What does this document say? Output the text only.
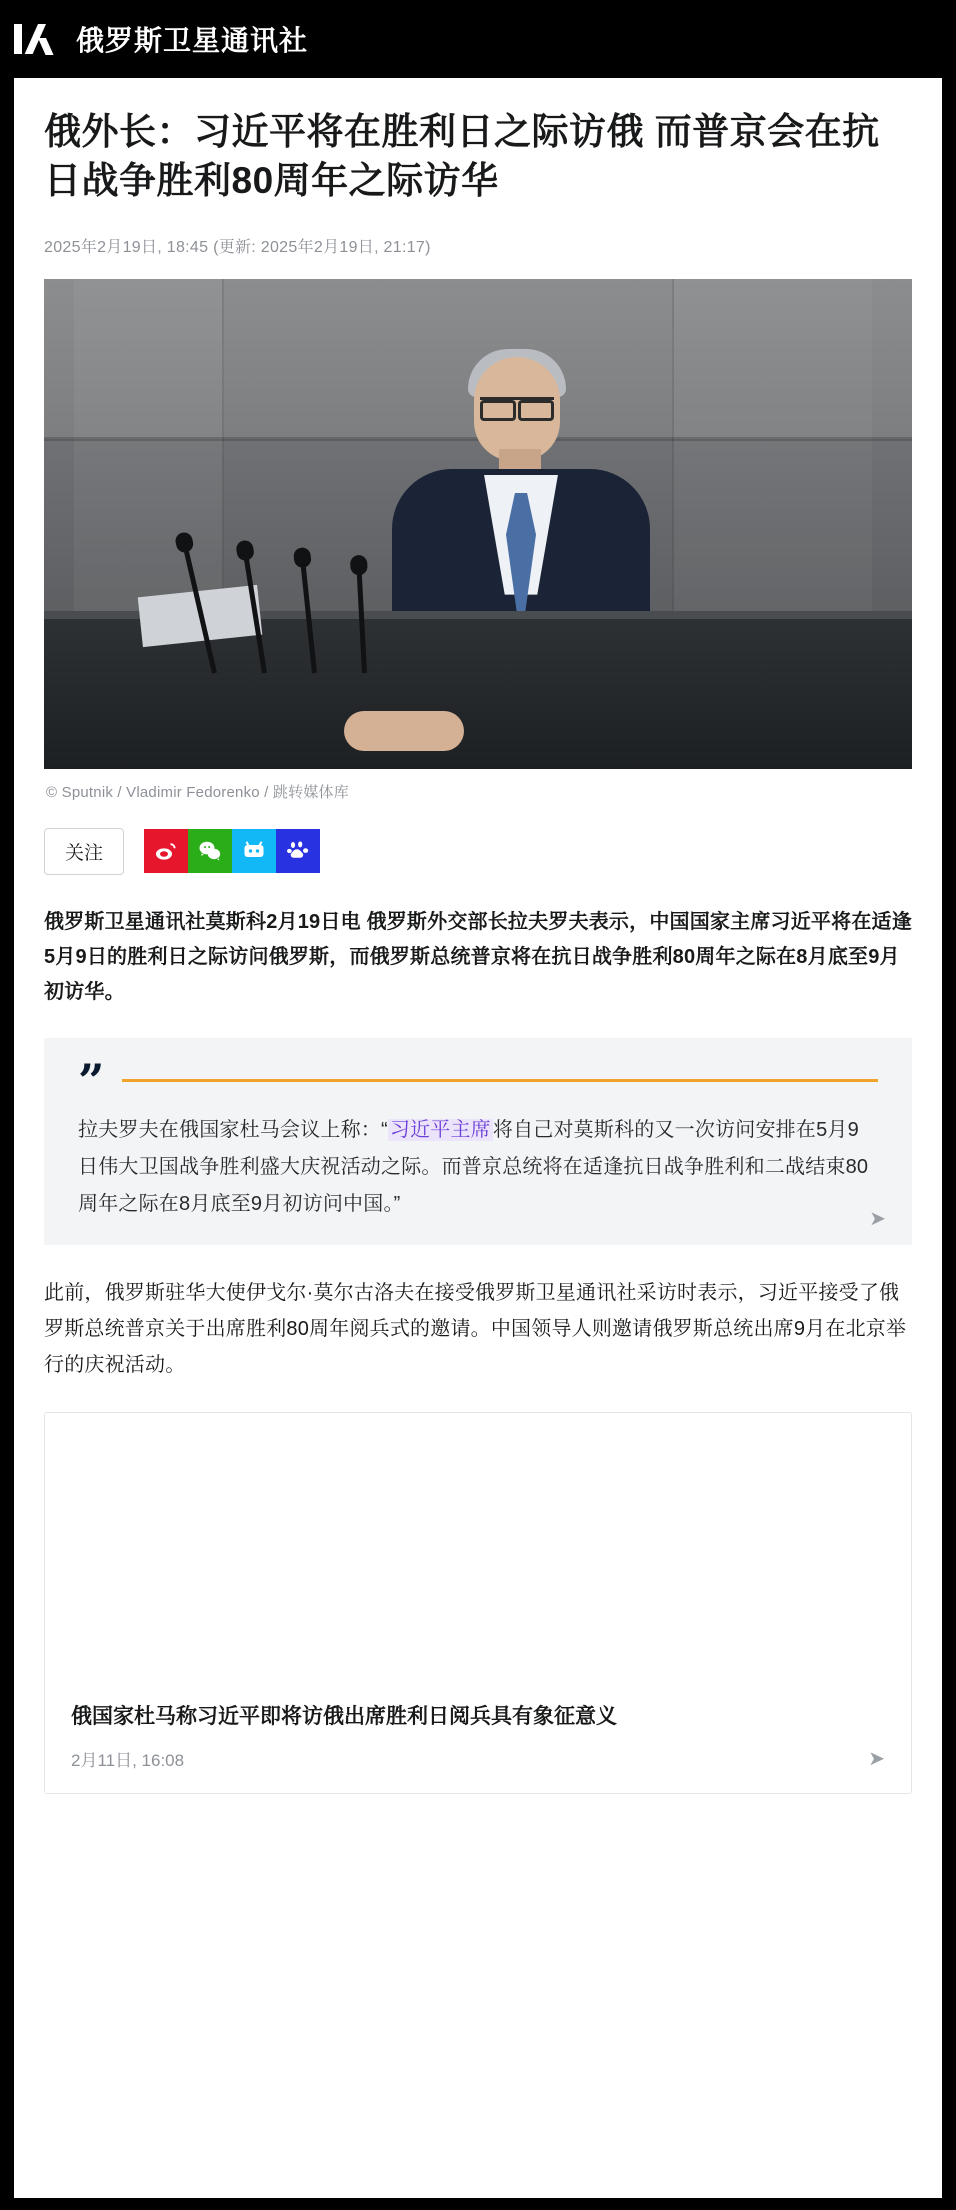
俄罗斯卫星通讯社
俄外长：习近平将在胜利日之际访俄 而普京会在抗日战争胜利80周年之际访华
2025年2月19日, 18:45 (更新: 2025年2月19日, 21:17)
© Sputnik / Vladimir Fedorenko / 跳转媒体库
关注
俄罗斯卫星通讯社莫斯科2月19日电 俄罗斯外交部长拉夫罗夫表示，中国国家主席习近平将在适逢5月9日的胜利日之际访问俄罗斯，而俄罗斯总统普京将在抗日战争胜利80周年之际在8月底至9月初访华。
”
拉夫罗夫在俄国家杜马会议上称：“ 习近平主席 将自己对莫斯科的又一次访问安排在5月9日伟大卫国战争胜利盛大庆祝活动之际。而普京总统将在适逢抗日战争胜利和二战结束80周年之际在8月底至9月初访问中国。”
➤
此前，俄罗斯驻华大使伊戈尔·莫尔古洛夫在接受俄罗斯卫星通讯社采访时表示，习近平接受了俄罗斯总统普京关于出席胜利80周年阅兵式的邀请。中国领导人则邀请俄罗斯总统出席9月在北京举行的庆祝活动。
俄国家杜马称习近平即将访俄出席胜利日阅兵具有象征意义
2月11日, 16:08	➤
